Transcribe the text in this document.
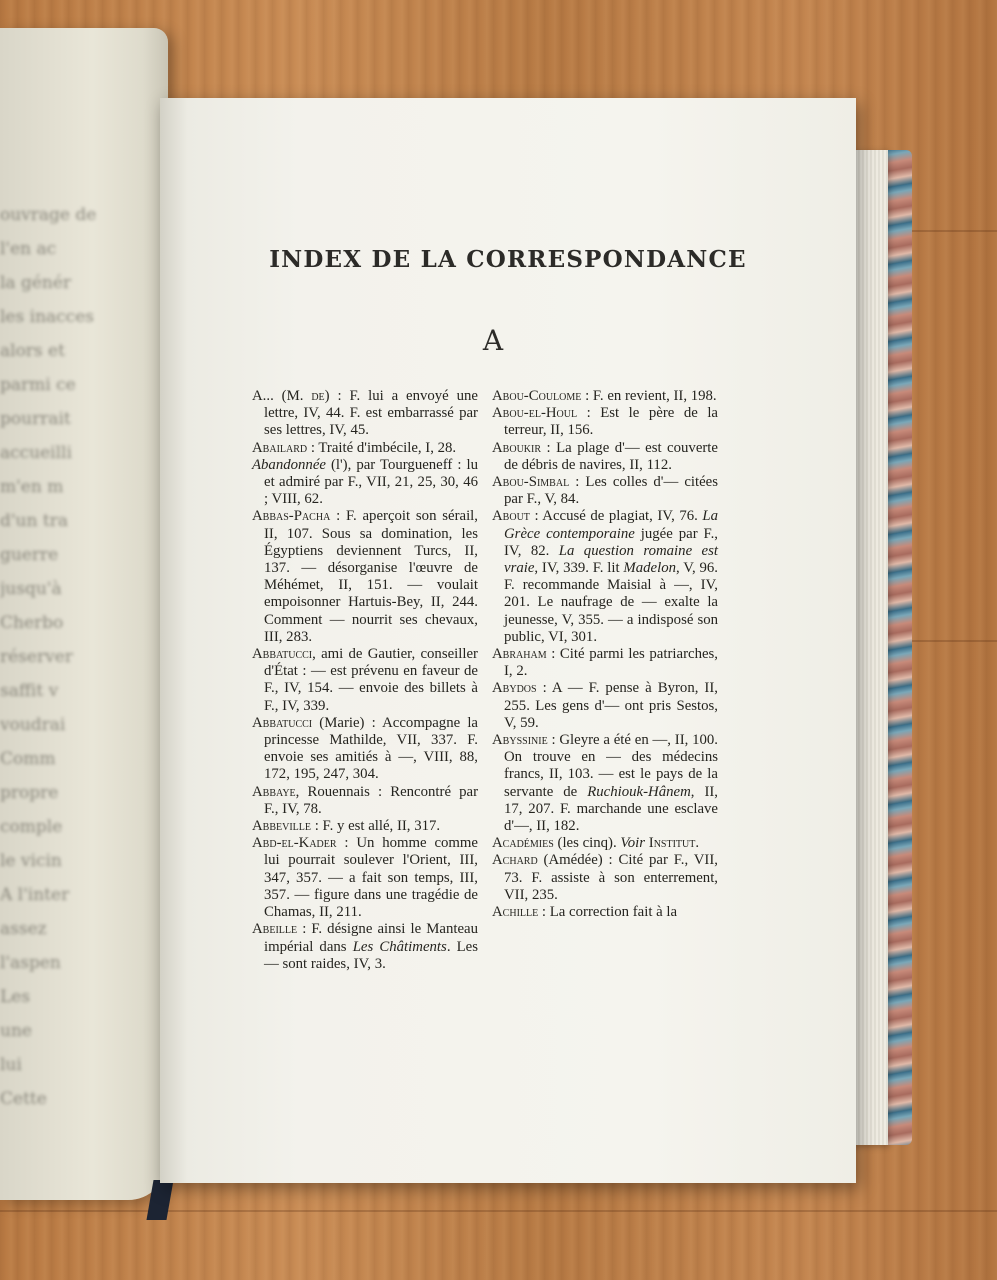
ouvrage de
l'en ac
la génér
les inacces
alors et
parmi ce
pourrait
accueilli
m'en m
d'un tra
guerre
jusqu'à
Cherbo
réserver
saffit v
voudrai
Comm
propre
comple
le vicin
A l'inter
assez
l'aspen
Les
une
lui
Cette
INDEX DE LA CORRESPONDANCE
A

A... (M. de) : F. lui a envoyé une lettre, IV, 44. F. est embarrassé par ses lettres, IV, 45.

Abailard : Traité d'imbécile, I, 28.

Abandonnée (l'), par Tourgueneff : lu et admiré par F., VII, 21, 25, 30, 46 ; VIII, 62.

Abbas-Pacha : F. aperçoit son sérail, II, 107. Sous sa domination, les Égyptiens deviennent Turcs, II, 137. — désorganise l'œuvre de Méhémet, II, 151. — voulait empoisonner Hartuis-Bey, II, 244. Comment — nourrit ses chevaux, III, 283.

Abbatucci, ami de Gautier, conseiller d'État : — est prévenu en faveur de F., IV, 154. — envoie des billets à F., IV, 339.

Abbatucci (Marie) : Accompagne la princesse Mathilde, VII, 337. F. envoie ses amitiés à —, VIII, 88, 172, 195, 247, 304.

Abbaye, Rouennais : Rencontré par F., IV, 78.

Abbeville : F. y est allé, II, 317.

Abd-el-Kader : Un homme comme lui pourrait soulever l'Orient, III, 347, 357. — a fait son temps, III, 357. — figure dans une tragédie de Chamas, II, 211.

Abeille : F. désigne ainsi le Manteau impérial dans Les Châtiments. Les — sont raides, IV, 3.

Abou-Coulome : F. en revient, II, 198.

Abou-el-Houl : Est le père de la terreur, II, 156.

Aboukir : La plage d'— est couverte de débris de navires, II, 112.

Abou-Simbal : Les colles d'— citées par F., V, 84.

About : Accusé de plagiat, IV, 76. La Grèce contemporaine jugée par F., IV, 82. La question romaine est vraie, IV, 339. F. lit Madelon, V, 96. F. recommande Maisial à —, IV, 201. Le naufrage de — exalte la jeunesse, V, 355. — a indisposé son public, VI, 301.

Abraham : Cité parmi les patriarches, I, 2.

Abydos : A — F. pense à Byron, II, 255. Les gens d'— ont pris Sestos, V, 59.

Abyssinie : Gleyre a été en —, II, 100. On trouve en — des médecins francs, II, 103. — est le pays de la servante de Ruchiouk-Hânem, II, 17, 207. F. marchande une esclave d'—, II, 182.

Académies (les cinq). Voir Institut.

Achard (Amédée) : Cité par F., VII, 73. F. assiste à son enterrement, VII, 235.

Achille : La correction fait à la
